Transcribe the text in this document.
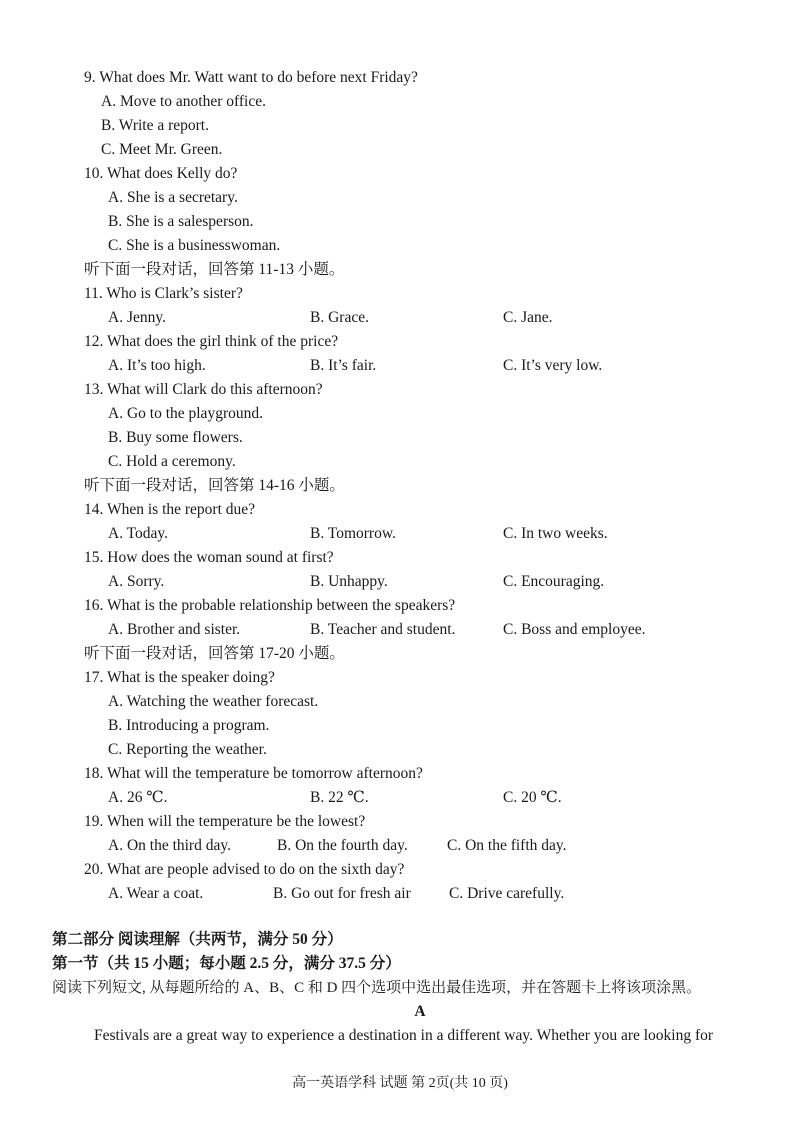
9. What does Mr. Watt want to do before next Friday?
A. Move to another office.
B. Write a report.
C. Meet Mr. Green.
10. What does Kelly do?
A. She is a secretary.
B. She is a salesperson.
C. She is a businesswoman.
听下面一段对话，回答第 11-13 小题。
11. Who is Clark’s sister?
A. Jenny.	B. Grace.	C. Jane.
12. What does the girl think of the price?
A. It’s too high.	B. It’s fair.	C. It’s very low.
13. What will Clark do this afternoon?
A. Go to the playground.
B. Buy some flowers.
C. Hold a ceremony.
听下面一段对话，回答第 14-16 小题。
14. When is the report due?
A. Today.	B. Tomorrow.	C. In two weeks.
15. How does the woman sound at first?
A. Sorry.	B. Unhappy.	C. Encouraging.
16. What is the probable relationship between the speakers?
A. Brother and sister.	B. Teacher and student.	C. Boss and employee.
听下面一段对话，回答第 17-20 小题。
17. What is the speaker doing?
A. Watching the weather forecast.
B. Introducing a program.
C. Reporting the weather.
18. What will the temperature be tomorrow afternoon?
A. 26 ℃.	B. 22 ℃.	C. 20 ℃.
19. When will the temperature be the lowest?
A. On the third day.	B. On the fourth day.	C. On the fifth day.
20. What are people advised to do on the sixth day?
A. Wear a coat.	B. Go out for fresh air C. Drive carefully.
第二部分 阅读理解（共两节，满分 50 分）
第一节（共 15 小题；每小题 2.5 分，满分 37.5 分）
阅读下列短文, 从每题所给的 A、B、C 和 D 四个选项中选出最佳选项，并在答题卡上将该项涂黑。
A
Festivals are a great way to experience a destination in a different way. Whether you are looking for
高一英语学科 试题 第 2页(共 10 页)
